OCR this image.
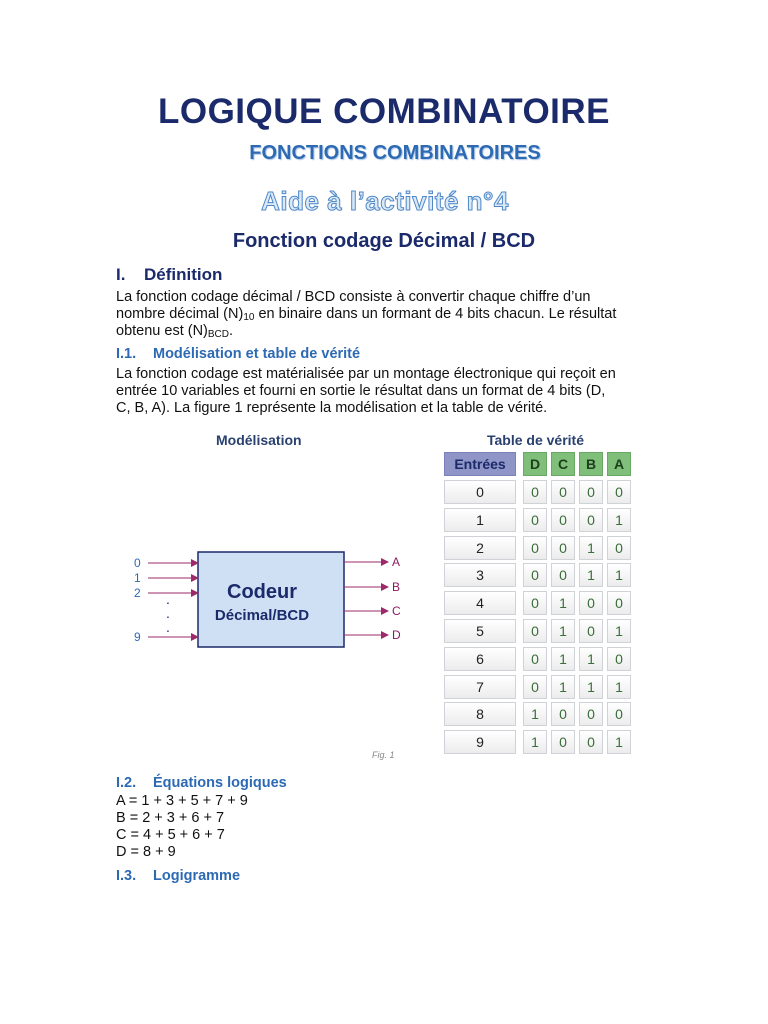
LOGIQUE COMBINATOIRE
FONCTIONS COMBINATOIRES
Aide à l’activité n°4
Fonction codage Décimal / BCD
I. Définition
La fonction codage décimal / BCD consiste à convertir chaque chiffre d’un
nombre décimal $(N)_{10}$ en binaire dans un formant de 4 bits chacun. Le résultat
obtenu est $(N)_{BCD}$.
I.1. Modélisation et table de vérité
La fonction codage est matérialisée par un montage électronique qui reçoit en
entrée 10 variables et fourni en sortie le résultat dans un format de 4 bits (D,
C, B, A). La figure 1 représente la modélisation et la table de vérité.
Modélisation	Table de vérité
Codeur
Décimal/BCD
0
1
2
9
.
.
.
A
B
C
D
Entrées	D	C	B	A
0	0	0	0	0
1	0	0	0	1
2	0	0	1	0
3	0	0	1	1
4	0	1	0	0
5	0	1	0	1
6	0	1	1	0
7	0	1	1	1
8	1	0	0	0
9	1	0	0	1
Fig. 1
I.2. Équations logiques
A = 1 + 3 + 5 + 7 + 9
B = 2 + 3 + 6 + 7
C = 4 + 5 + 6 + 7
D = 8 + 9
I.3. Logigramme
